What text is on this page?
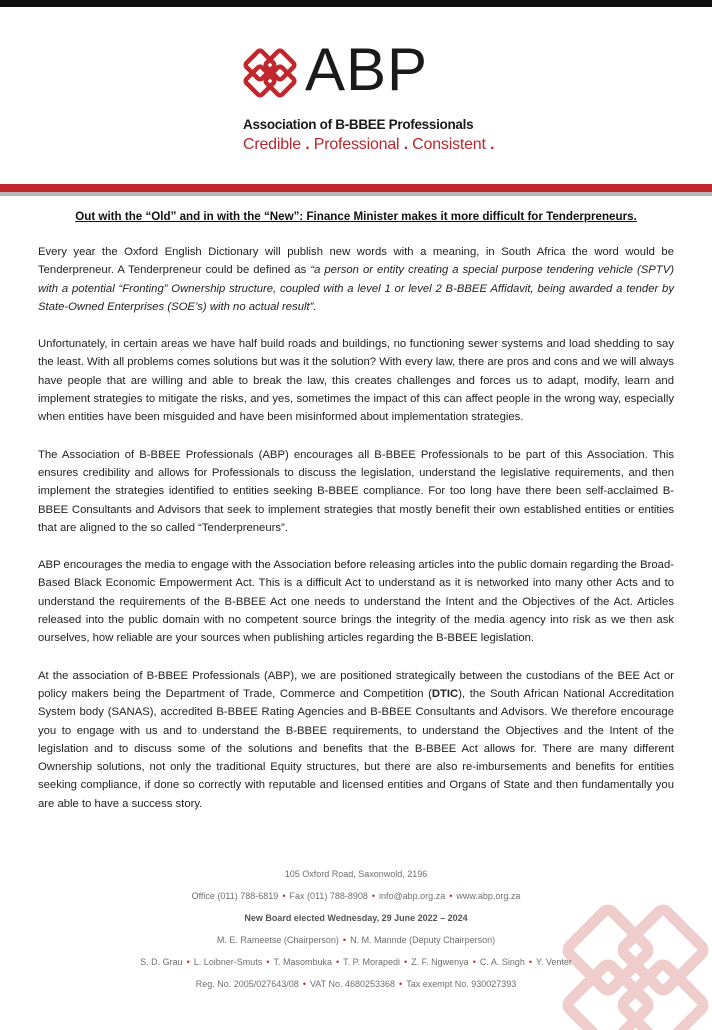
ABP
Association of B-BBEE Professionals
Credible . Professional . Consistent .
Out with the “Old” and in with the “New”: Finance Minister makes it more difficult for Tenderpreneurs.

Every year the Oxford English Dictionary will publish new words with a meaning, in South Africa the word would be Tenderpreneur. A Tenderpreneur could be defined as “a person or entity creating a special purpose tendering vehicle (SPTV) with a potential “Fronting” Ownership structure, coupled with a level 1 or level 2 B-BBEE Affidavit, being awarded a tender by State-Owned Enterprises (SOE’s) with no actual result”.

Unfortunately, in certain areas we have half build roads and buildings, no functioning sewer systems and load shedding to say the least. With all problems comes solutions but was it the solution? With every law, there are pros and cons and we will always have people that are willing and able to break the law, this creates challenges and forces us to adapt, modify, learn and implement strategies to mitigate the risks, and yes, sometimes the impact of this can affect people in the wrong way, especially when entities have been misguided and have been misinformed about implementation strategies.

The Association of B-BBEE Professionals (ABP) encourages all B-BBEE Professionals to be part of this Association. This ensures credibility and allows for Professionals to discuss the legislation, understand the legislative requirements, and then implement the strategies identified to entities seeking B-BBEE compliance. For too long have there been self-acclaimed B-BBEE Consultants and Advisors that seek to implement strategies that mostly benefit their own established entities or entities that are aligned to the so called “Tenderpreneurs”.

ABP encourages the media to engage with the Association before releasing articles into the public domain regarding the Broad-Based Black Economic Empowerment Act. This is a difficult Act to understand as it is networked into many other Acts and to understand the requirements of the B-BBEE Act one needs to understand the Intent and the Objectives of the Act. Articles released into the public domain with no competent source brings the integrity of the media agency into risk as we then ask ourselves, how reliable are your sources when publishing articles regarding the B-BBEE legislation.

At the association of B-BBEE Professionals (ABP), we are positioned strategically between the custodians of the BEE Act or policy makers being the Department of Trade, Commerce and Competition (DTIC), the South African National Accreditation System body (SANAS), accredited B-BBEE Rating Agencies and B-BBEE Consultants and Advisors. We therefore encourage you to engage with us and to understand the B-BBEE requirements, to understand the Objectives and the Intent of the legislation and to discuss some of the solutions and benefits that the B-BBEE Act allows for. There are many different Ownership solutions, not only the traditional Equity structures, but there are also re-imbursements and benefits for entities seeking compliance, if done so correctly with reputable and licensed entities and Organs of State and then fundamentally you are able to have a success story.

105 Oxford Road, Saxonwold, 2196
Office (011) 788-6819 • Fax (011) 788-8908 • info@abp.org.za • www.abp.org.za
New Board elected Wednesday, 29 June 2022 – 2024
M. E. Rameetse (Chairperson) • N. M. Mannde (Deputy Chairperson)
S. D. Grau • L. Loibner-Smuts • T. Masombuka • T. P. Morapedi • Z. F. Ngwenya • C. A. Singh • Y. Venter
Reg. No. 2005/027643/08 • VAT No. 4680253368 • Tax exempt No. 930027393
